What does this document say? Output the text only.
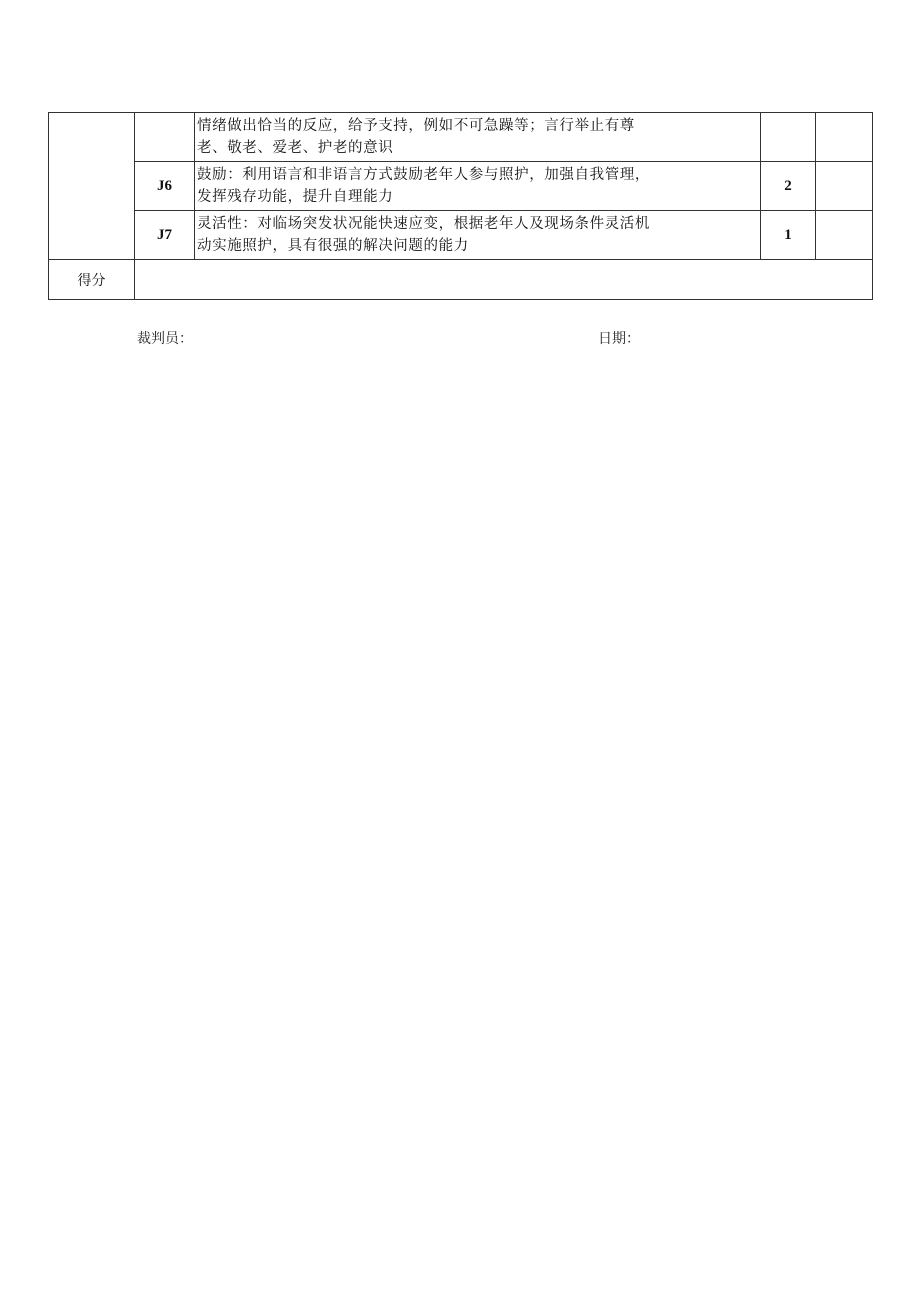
		情绪做出恰当的反应，给予支持，例如不可急躁等；言行举止有尊
老、敬老、爱老、护老的意识		
	J6	鼓励：利用语言和非语言方式鼓励老年人参与照护，加强自我管理，
发挥残存功能，提升自理能力	2	
	J7	灵活性：对临场突发状况能快速应变，根据老年人及现场条件灵活机
动实施照护，具有很强的解决问题的能力	1	
得分				
裁判员：	日期：
